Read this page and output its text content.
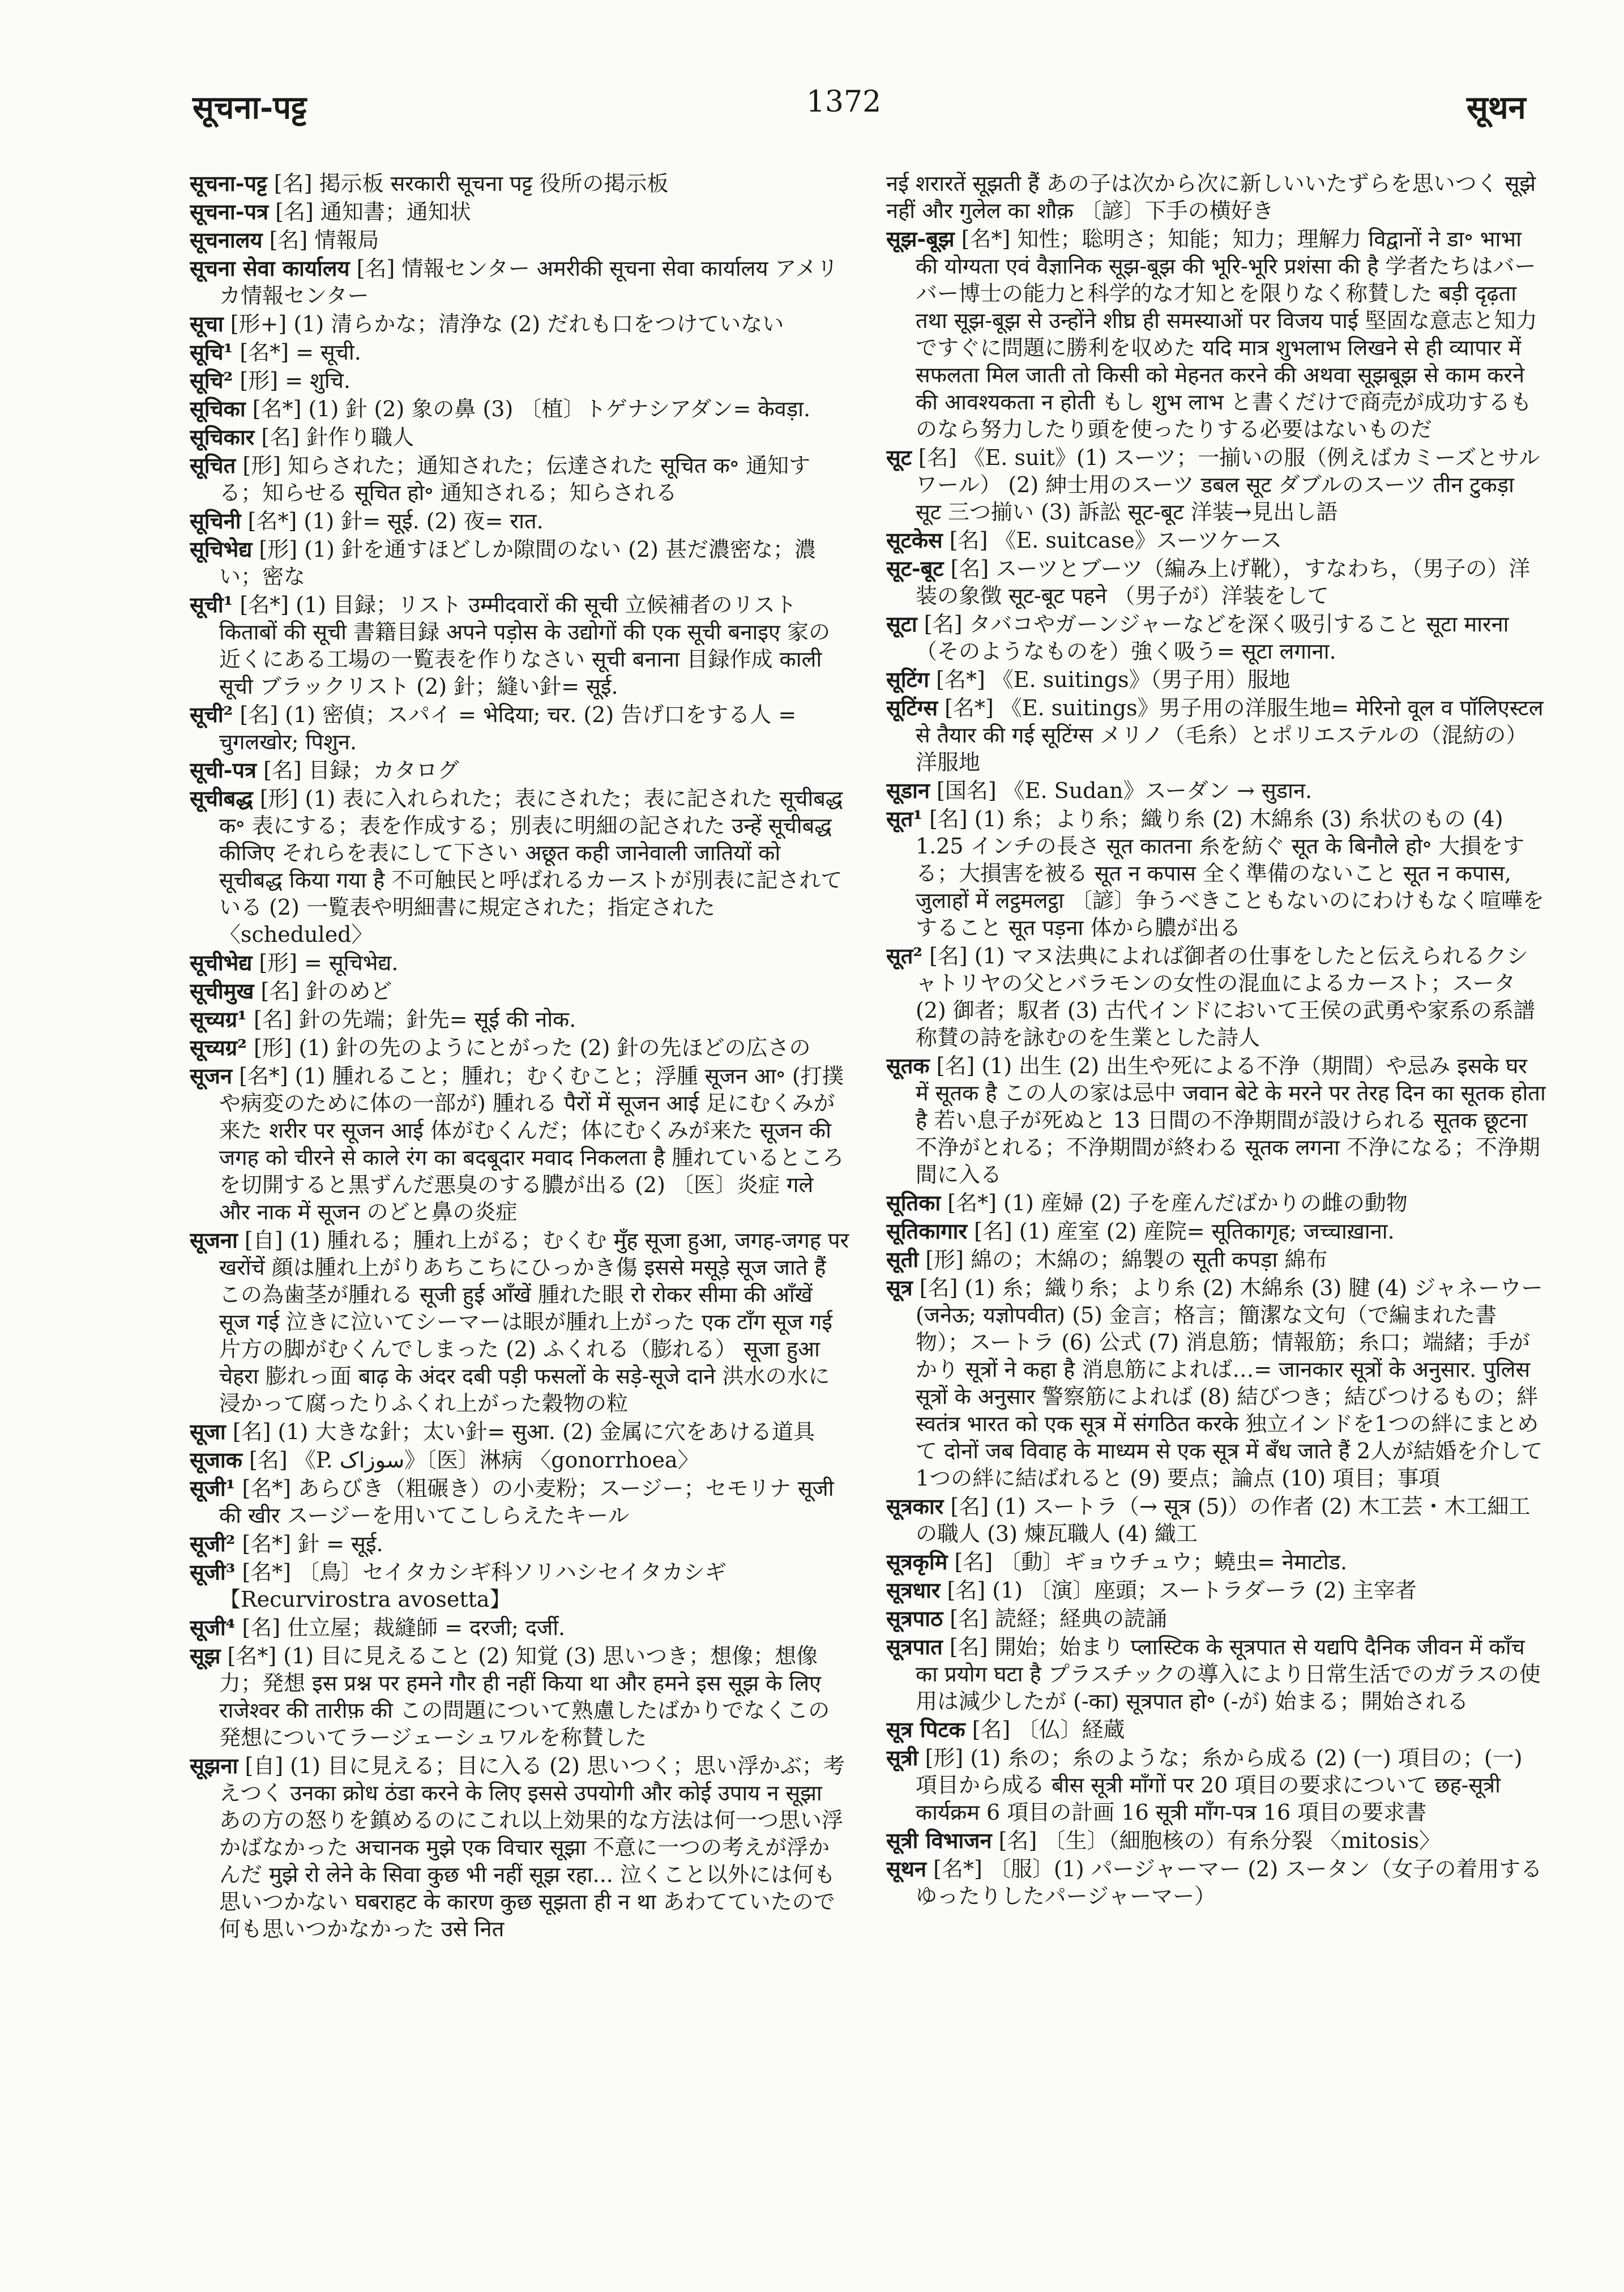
सूचना-पट्ट	1372	सूथन
सूचना-पट्ट [名] 掲示板 सरकारी सूचना पट्ट 役所の掲示板
सूचना-पत्र [名] 通知書；通知状
सूचनालय [名] 情報局
सूचना सेवा कार्यालय [名] 情報センター अमरीकी सूचना सेवा कार्यालय アメリカ情報センター
सूचा [形+] (1) 清らかな；清浄な (2) だれも口をつけていない
सूचि¹ [名*] = सूची.
सूचि² [形] = शुचि.
सूचिका [名*] (1) 針 (2) 象の鼻 (3) 〔植〕トゲナシアダン= केवड़ा.
सूचिकार [名] 針作り職人
सूचित [形] 知らされた；通知された；伝達された सूचित क॰ 通知する；知らせる सूचित हो॰ 通知される；知らされる
सूचिनी [名*] (1) 針= सूई. (2) 夜= रात.
सूचिभेद्य [形] (1) 針を通すほどしか隙間のない (2) 甚だ濃密な；濃い；密な
सूची¹ [名*] (1) 目録；リスト उम्मीदवारों की सूची 立候補者のリスト किताबों की सूची 書籍目録 अपने पड़ोस के उद्योगों की एक सूची बनाइए 家の近くにある工場の一覧表を作りなさい सूची बनाना 目録作成 काली सूची ブラックリスト (2) 針；縫い針= सूई.
सूची² [名] (1) 密偵；スパイ = भेदिया; चर. (2) 告げ口をする人 = चुगलखोर; पिशुन.
सूची-पत्र [名] 目録；カタログ
सूचीबद्ध [形] (1) 表に入れられた；表にされた；表に記された सूचीबद्ध क॰ 表にする；表を作成する；別表に明細の記された उन्हें सूचीबद्ध कीजिए それらを表にして下さい अछूत कही जानेवाली जातियों को सूचीबद्ध किया गया है 不可触民と呼ばれるカーストが別表に記されている (2) 一覧表や明細書に規定された；指定された 〈scheduled〉
सूचीभेद्य [形] = सूचिभेद्य.
सूचीमुख [名] 針のめど
सूच्यग्र¹ [名] 針の先端；針先= सूई की नोक.
सूच्यग्र² [形] (1) 針の先のようにとがった (2) 針の先ほどの広さの
सूजन [名*] (1) 腫れること；腫れ；むくむこと；浮腫 सूजन आ॰ (打撲や病変のために体の一部が) 腫れる पैरों में सूजन आई 足にむくみが来た शरीर पर सूजन आई 体がむくんだ；体にむくみが来た सूजन की जगह को चीरने से काले रंग का बदबूदार मवाद निकलता है 腫れているところを切開すると黒ずんだ悪臭のする膿が出る (2) 〔医〕炎症 गले और नाक में सूजन のどと鼻の炎症
सूजना [自] (1) 腫れる；腫れ上がる；むくむ मुँह सूजा हुआ, जगह-जगह पर खरोंचें 顔は腫れ上がりあちこちにひっかき傷 इससे मसूड़े सूज जाते हैं この為歯茎が腫れる सूजी हुई आँखें 腫れた眼 रो रोकर सीमा की आँखें सूज गई 泣きに泣いてシーマーは眼が腫れ上がった एक टाँग सूज गई 片方の脚がむくんでしまった (2) ふくれる（膨れる） सूजा हुआ चेहरा 膨れっ面 बाढ़ के अंदर दबी पड़ी फसलों के सड़े-सूजे दाने 洪水の水に浸かって腐ったりふくれ上がった穀物の粒
सूजा [名] (1) 大きな針；太い針= सुआ. (2) 金属に穴をあける道具
सूजाक [名] 《P. سوزاک》〔医〕淋病 〈gonorrhoea〉
सूजी¹ [名*] あらびき（粗碾き）の小麦粉；スージー；セモリナ सूजी की खीर スージーを用いてこしらえたキール
सूजी² [名*] 針 = सूई.
सूजी³ [名*] 〔鳥〕セイタカシギ科ソリハシセイタカシギ【Recurvirostra avosetta】
सूजी⁴ [名] 仕立屋；裁縫師 = दरजी; दर्जी.
सूझ [名*] (1) 目に見えること (2) 知覚 (3) 思いつき；想像；想像力；発想 इस प्रश्न पर हमने गौर ही नहीं किया था और हमने इस सूझ के लिए राजेश्वर की तारीफ़ की この問題について熟慮したばかりでなくこの発想についてラージェーシュワルを称賛した
सूझना [自] (1) 目に見える；目に入る (2) 思いつく；思い浮かぶ；考えつく उनका क्रोध ठंडा करने के लिए इससे उपयोगी और कोई उपाय न सूझा あの方の怒りを鎮めるのにこれ以上効果的な方法は何一つ思い浮かばなかった अचानक मुझे एक विचार सूझा 不意に一つの考えが浮かんだ मुझे रो लेने के सिवा कुछ भी नहीं सूझ रहा... 泣くこと以外には何も思いつかない घबराहट के कारण कुछ सूझता ही न था あわてていたので何も思いつかなかった उसे नित
नई शरारतें सूझती हैं あの子は次から次に新しいいたずらを思いつく सूझे नहीं और गुलेल का शौक़ 〔諺〕下手の横好き
सूझ-बूझ [名*] 知性；聡明さ；知能；知力；理解力 विद्वानों ने डा॰ भाभा की योग्यता एवं वैज्ञानिक सूझ-बूझ की भूरि-भूरि प्रशंसा की है 学者たちはバーバー博士の能力と科学的な才知とを限りなく称賛した बड़ी दृढ़ता तथा सूझ-बूझ से उन्होंने शीघ्र ही समस्याओं पर विजय पाई 堅固な意志と知力ですぐに問題に勝利を収めた यदि मात्र शुभलाभ लिखने से ही व्यापार में सफलता मिल जाती तो किसी को मेहनत करने की अथवा सूझबूझ से काम करने की आवश्यकता न होती もし शुभ लाभ と書くだけで商売が成功するものなら努力したり頭を使ったりする必要はないものだ
सूट [名] 《E. suit》(1) スーツ；一揃いの服（例えばカミーズとサルワール） (2) 紳士用のスーツ डबल सूट ダブルのスーツ तीन टुकड़ा सूट 三つ揃い (3) 訴訟 सूट-बूट 洋装→見出し語
सूटकेस [名] 《E. suitcase》スーツケース
सूट-बूट [名] スーツとブーツ（編み上げ靴），すなわち，（男子の）洋装の象徴 सूट-बूट पहने （男子が）洋装をして
सूटा [名] タバコやガーンジャーなどを深く吸引すること सूटा मारना （そのようなものを）強く吸う= सूटा लगाना.
सूटिंग [名*] 《E. suitings》（男子用）服地
सूटिंग्स [名*] 《E. suitings》男子用の洋服生地= मेरिनो वूल व पॉलिएस्टल से तैयार की गई सूटिंग्स メリノ（毛糸）とポリエステルの（混紡の）洋服地
सूडान [国名] 《E. Sudan》スーダン → सुडान.
सूत¹ [名] (1) 糸；より糸；織り糸 (2) 木綿糸 (3) 糸状のもの (4) 1.25 インチの長さ सूत कातना 糸を紡ぐ सूत के बिनौले हो॰ 大損をする；大損害を被る सूत न कपास 全く準備のないこと सूत न कपास, जुलाहों में लट्ठमलट्ठा 〔諺〕争うべきこともないのにわけもなく喧嘩をすること सूत पड़ना 体から膿が出る
सूत² [名] (1) マヌ法典によれば御者の仕事をしたと伝えられるクシャトリヤの父とバラモンの女性の混血によるカースト；スータ (2) 御者；馭者 (3) 古代インドにおいて王侯の武勇や家系の系譜称賛の詩を詠むのを生業とした詩人
सूतक [名] (1) 出生 (2) 出生や死による不浄（期間）や忌み इसके घर में सूतक है この人の家は忌中 जवान बेटे के मरने पर तेरह दिन का सूतक होता है 若い息子が死ぬと 13 日間の不浄期間が設けられる सूतक छूटना 不浄がとれる；不浄期間が終わる सूतक लगना 不浄になる；不浄期間に入る
सूतिका [名*] (1) 産婦 (2) 子を産んだばかりの雌の動物
सूतिकागार [名] (1) 産室 (2) 産院= सूतिकागृह; जच्चाख़ाना.
सूती [形] 綿の；木綿の；綿製の सूती कपड़ा 綿布
सूत्र [名] (1) 糸；織り糸；より糸 (2) 木綿糸 (3) 腱 (4) ジャネーウー (जनेऊ; यज्ञोपवीत) (5) 金言；格言；簡潔な文句（で編まれた書物）；スートラ (6) 公式 (7) 消息筋；情報筋；糸口；端緒；手がかり सूत्रों ने कहा है 消息筋によれば…= जानकार सूत्रों के अनुसार. पुलिस सूत्रों के अनुसार 警察筋によれば (8) 結びつき；結びつけるもの；絆 स्वतंत्र भारत को एक सूत्र में संगठित करके 独立インドを1つの絆にまとめて दोनों जब विवाह के माध्यम से एक सूत्र में बँध जाते हैं 2人が結婚を介して1つの絆に結ばれると (9) 要点；論点 (10) 項目；事項
सूत्रकार [名] (1) スートラ（→ सूत्र (5)）の作者 (2) 木工芸・木工細工の職人 (3) 煉瓦職人 (4) 織工
सूत्रकृमि [名] 〔動〕ギョウチュウ；蟯虫= नेमाटोड.
सूत्रधार [名] (1) 〔演〕座頭；スートラダーラ (2) 主宰者
सूत्रपाठ [名] 読経；経典の読誦
सूत्रपात [名] 開始；始まり प्लास्टिक के सूत्रपात से यद्यपि दैनिक जीवन में काँच का प्रयोग घटा है プラスチックの導入により日常生活でのガラスの使用は減少したが (-का) सूत्रपात हो॰ (-が) 始まる；開始される
सूत्र पिटक [名] 〔仏〕経蔵
सूत्री [形] (1) 糸の；糸のような；糸から成る (2) (一) 項目の；(一) 項目から成る बीस सूत्री माँगों पर 20 項目の要求について छह-सूत्री कार्यक्रम 6 項目の計画 16 सूत्री माँग-पत्र 16 項目の要求書
सूत्री विभाजन [名] 〔生〕（細胞核の）有糸分裂 〈mitosis〉
सूथन [名*] 〔服〕(1) パージャーマー (2) スータン（女子の着用するゆったりしたパージャーマー）
